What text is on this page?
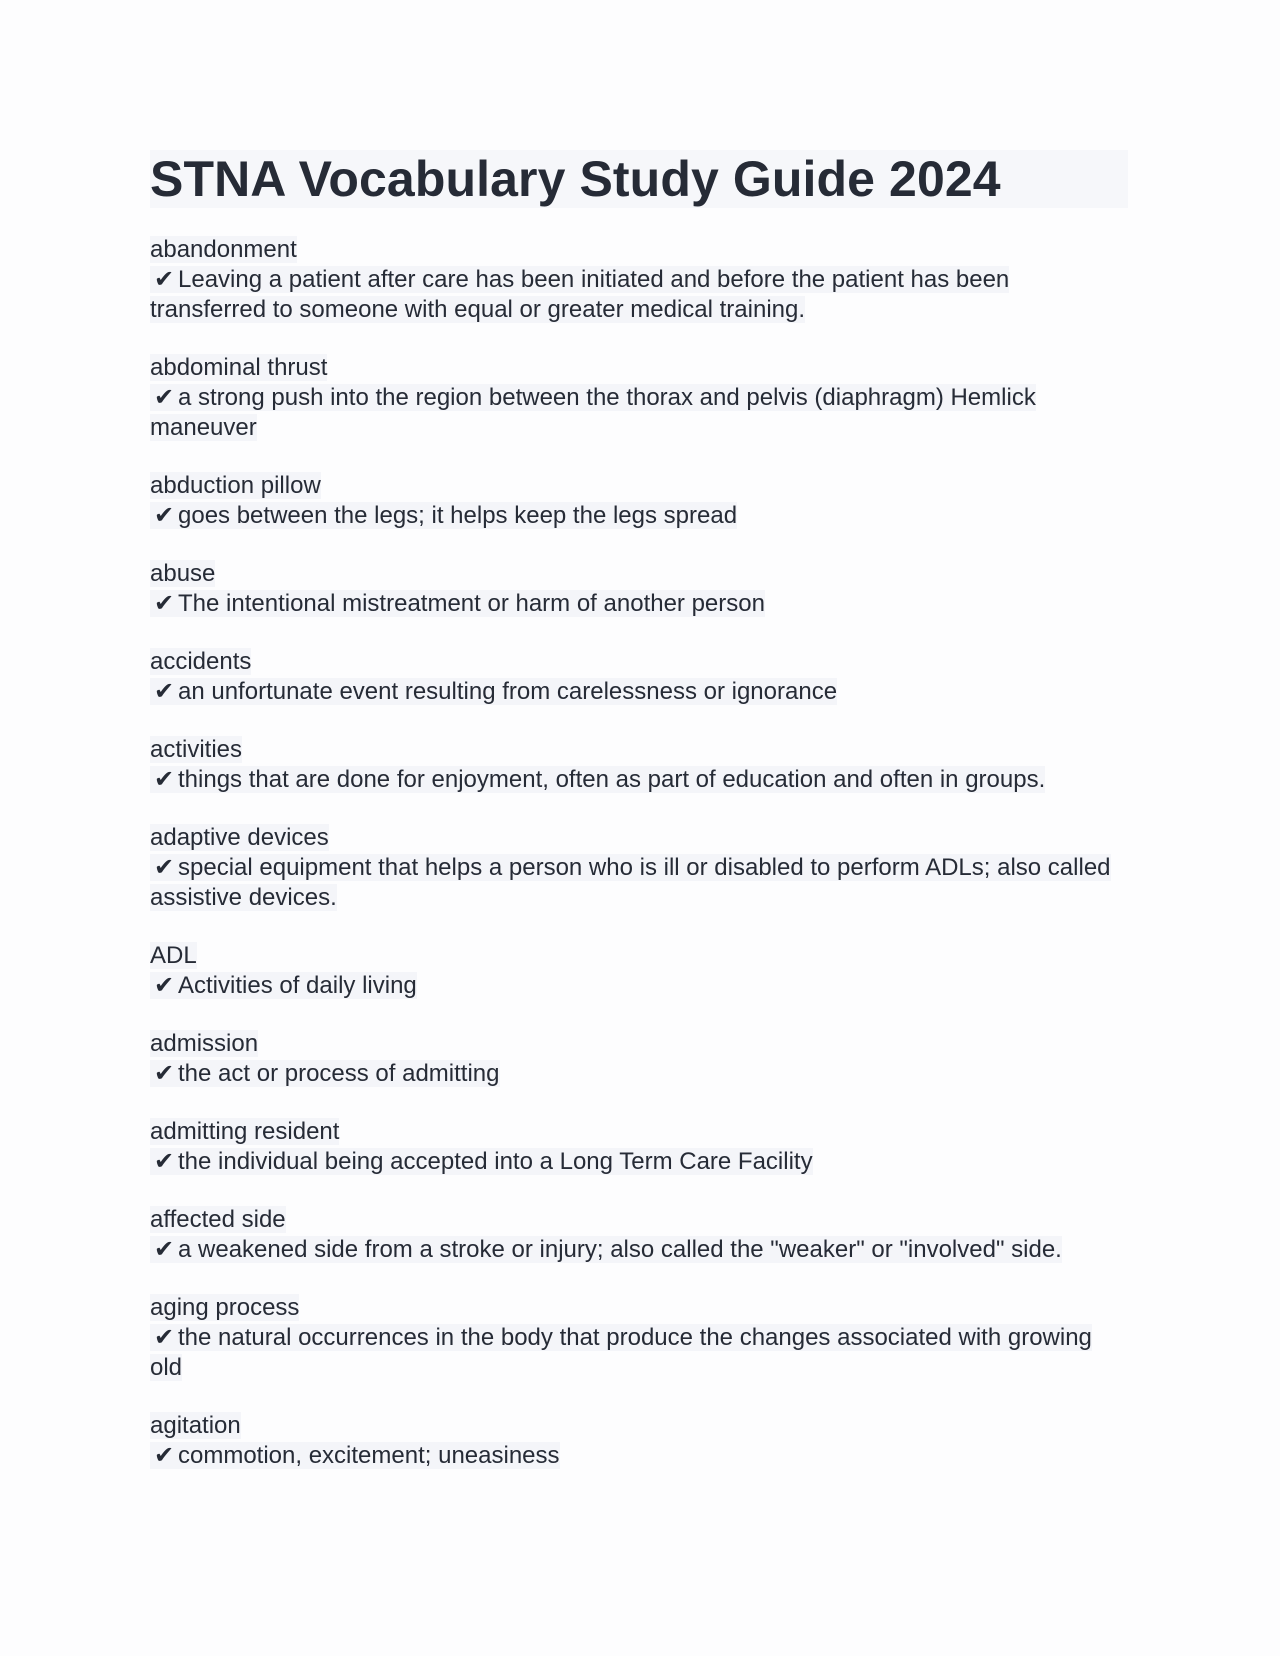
STNA Vocabulary Study Guide 2024
abandonment
✔ Leaving a patient after care has been initiated and before the patient has been transferred to someone with equal or greater medical training.
abdominal thrust
✔ a strong push into the region between the thorax and pelvis (diaphragm) Hemlick maneuver
abduction pillow
✔ goes between the legs; it helps keep the legs spread
abuse
✔ The intentional mistreatment or harm of another person
accidents
✔ an unfortunate event resulting from carelessness or ignorance
activities
✔ things that are done for enjoyment, often as part of education and often in groups.
adaptive devices
✔ special equipment that helps a person who is ill or disabled to perform ADLs; also called assistive devices.
ADL
✔ Activities of daily living
admission
✔ the act or process of admitting
admitting resident
✔ the individual being accepted into a Long Term Care Facility
affected side
✔ a weakened side from a stroke or injury; also called the "weaker" or "involved" side.
aging process
✔ the natural occurrences in the body that produce the changes associated with growing old
agitation
✔ commotion, excitement; uneasiness
